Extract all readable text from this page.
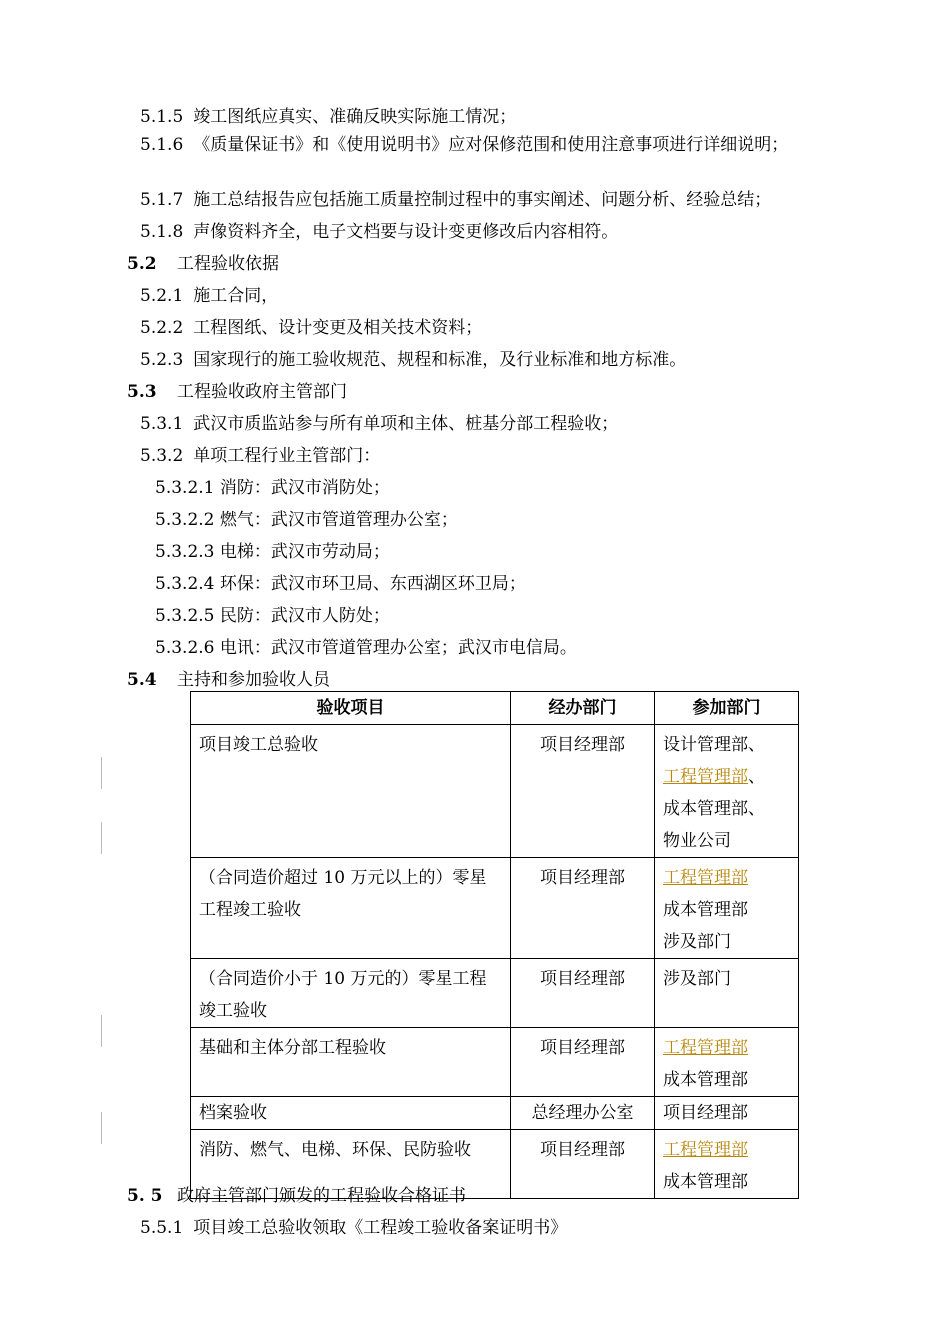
5.1.5 竣工图纸应真实、准确反映实际施工情况；
5.1.6 《质量保证书》和《使用说明书》应对保修范围和使用注意事项进行详细说明；
5.1.7 施工总结报告应包括施工质量控制过程中的事实阐述、问题分析、经验总结；
5.1.8 声像资料齐全，电子文档要与设计变更修改后内容相符。
5.2 工程验收依据
5.2.1 施工合同，
5.2.2 工程图纸、设计变更及相关技术资料；
5.2.3 国家现行的施工验收规范、规程和标准，及行业标准和地方标准。
5.3 工程验收政府主管部门
5.3.1 武汉市质监站参与所有单项和主体、桩基分部工程验收；
5.3.2 单项工程行业主管部门：
5.3.2.1 消防：武汉市消防处；
5.3.2.2 燃气：武汉市管道管理办公室；
5.3.2.3 电梯：武汉市劳动局；
5.3.2.4 环保：武汉市环卫局、东西湖区环卫局；
5.3.2.5 民防：武汉市人防处；
5.3.2.6 电讯：武汉市管道管理办公室；武汉市电信局。
5.4 主持和参加验收人员
验收项目	经办部门	参加部门
项目竣工总验收	项目经理部	设计管理部、
工程管理部、
成本管理部、
物业公司

（合同造价超过 10 万元以上的）零星工程竣工验收	项目经理部	工程管理部
成本管理部
涉及部门

（合同造价小于 10 万元的）零星工程竣工验收	项目经理部	涉及部门

基础和主体分部工程验收	项目经理部	工程管理部
成本管理部

档案验收	总经理办公室	项目经理部

消防、燃气、电梯、环保、民防验收	项目经理部	工程管理部
成本管理部
5. 5 政府主管部门颁发的工程验收合格证书
5.5.1 项目竣工总验收领取《工程竣工验收备案证明书》
